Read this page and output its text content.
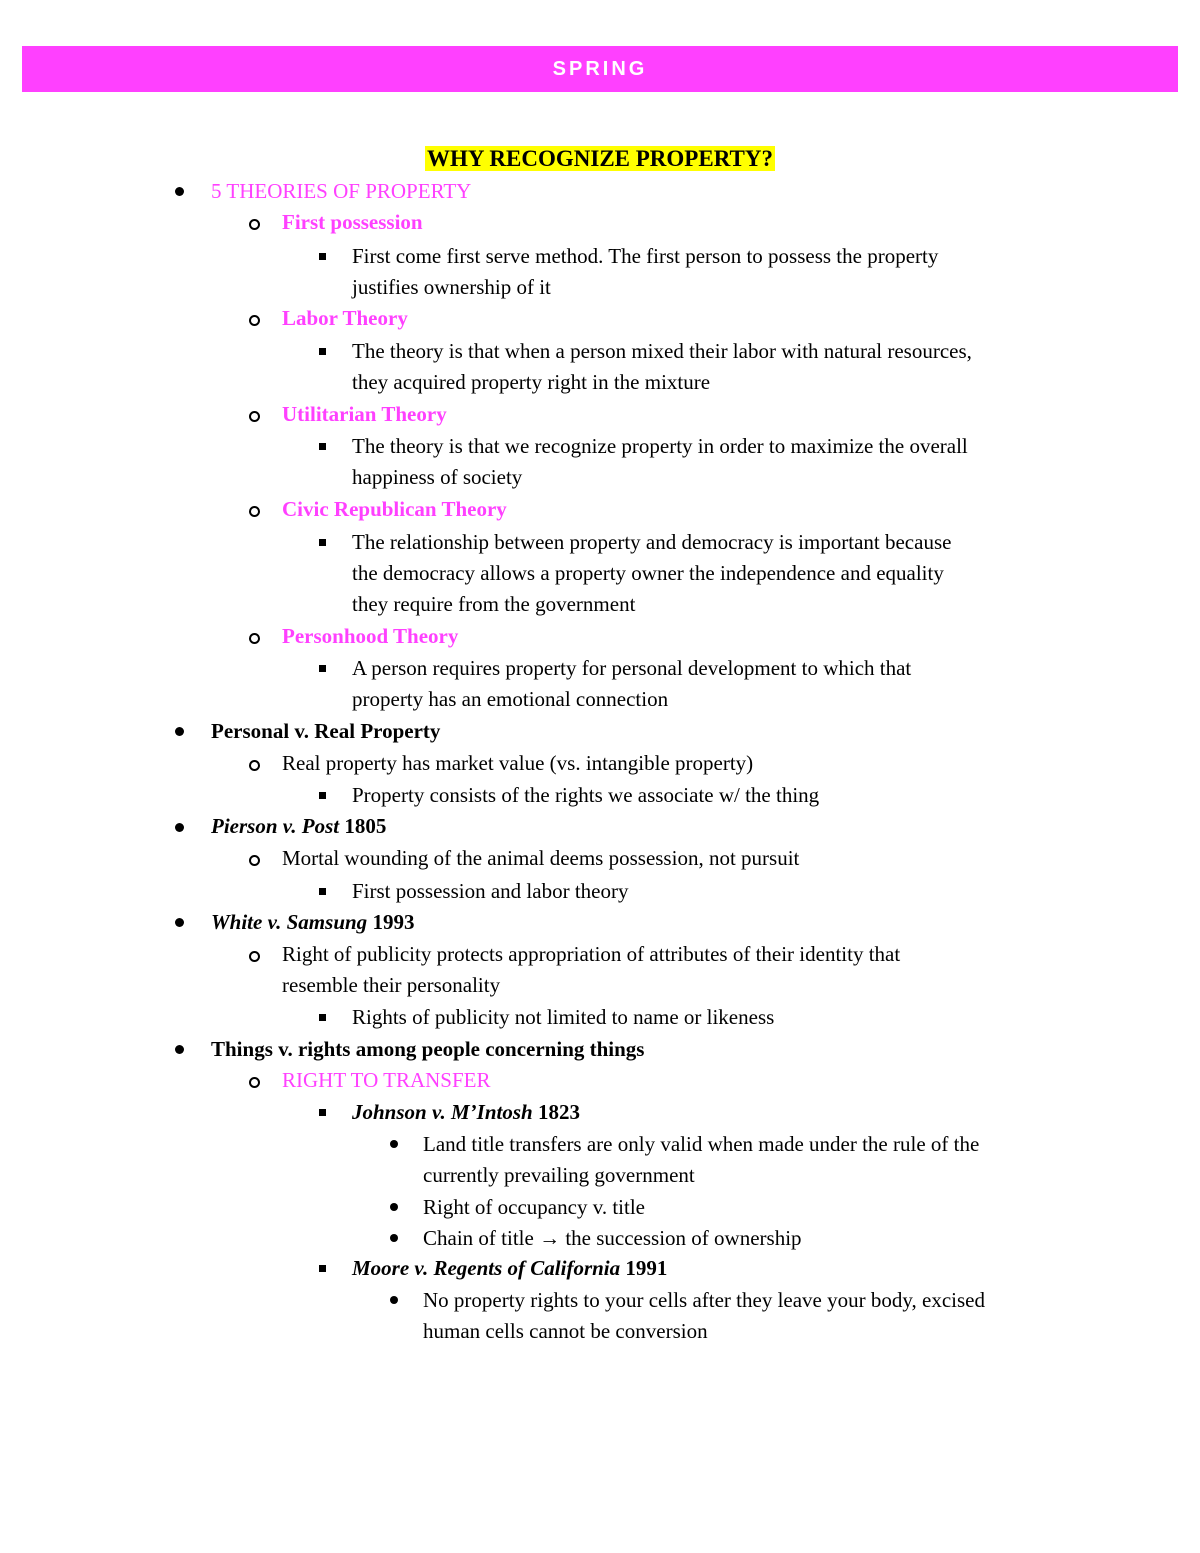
SPRING
WHY RECOGNIZE PROPERTY?
5 THEORIES OF PROPERTY
First possession
First come first serve method. The first person to possess the property
justifies ownership of it
Labor Theory
The theory is that when a person mixed their labor with natural resources,
they acquired property right in the mixture
Utilitarian Theory
The theory is that we recognize property in order to maximize the overall
happiness of society
Civic Republican Theory
The relationship between property and democracy is important because
the democracy allows a property owner the independence and equality
they require from the government
Personhood Theory
A person requires property for personal development to which that
property has an emotional connection
Personal v. Real Property
Real property has market value (vs. intangible property)
Property consists of the rights we associate w/ the thing
Pierson v. Post 1805
Mortal wounding of the animal deems possession, not pursuit
First possession and labor theory
White v. Samsung 1993
Right of publicity protects appropriation of attributes of their identity that
resemble their personality
Rights of publicity not limited to name or likeness
Things v. rights among people concerning things
RIGHT TO TRANSFER
Johnson v. M’Intosh 1823
Land title transfers are only valid when made under the rule of the
currently prevailing government
Right of occupancy v. title
Chain of title → the succession of ownership
Moore v. Regents of California 1991
No property rights to your cells after they leave your body, excised
human cells cannot be conversion
